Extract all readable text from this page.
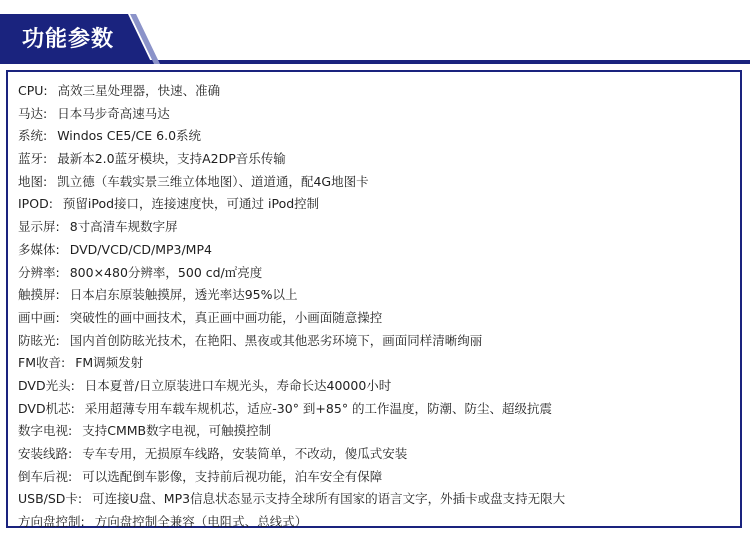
功能参数
CPU: 高效三星处理器，快速、准确
马达: 日本马步奇高速马达
系统: Windos CE5/CE 6.0系统
蓝牙: 最新本2.0蓝牙模块，支持A2DP音乐传输
地图: 凯立德（车载实景三维立体地图）、道道通，配4G地图卡
IPOD: 预留iPod接口，连接速度快，可通过 iPod控制
显示屏: 8寸高清车规数字屏
多媒体: DVD/VCD/CD/MP3/MP4
分辨率: 800×480分辨率，500 cd/㎡亮度
触摸屏: 日本启东原装触摸屏，透光率达95%以上
画中画: 突破性的画中画技术，真正画中画功能，小画面随意操控
防眩光: 国内首创防眩光技术，在艳阳、黑夜或其他恶劣环境下，画面同样清晰绚丽
FM收音: FM调频发射
DVD光头: 日本夏普/日立原装进口车规光头，寿命长达40000小时
DVD机芯: 采用超薄专用车载车规机芯，适应-30° 到+85° 的工作温度，防潮、防尘、超级抗震
数字电视: 支持CMMB数字电视，可触摸控制
安装线路: 专车专用，无损原车线路，安装简单，不改动，傻瓜式安装
倒车后视: 可以选配倒车影像，支持前后视功能，泊车安全有保障
USB/SD卡: 可连接U盘、MP3信息状态显示支持全球所有国家的语言文字，外插卡或盘支持无限大
方向盘控制: 方向盘控制全兼容（电阻式、总线式）
